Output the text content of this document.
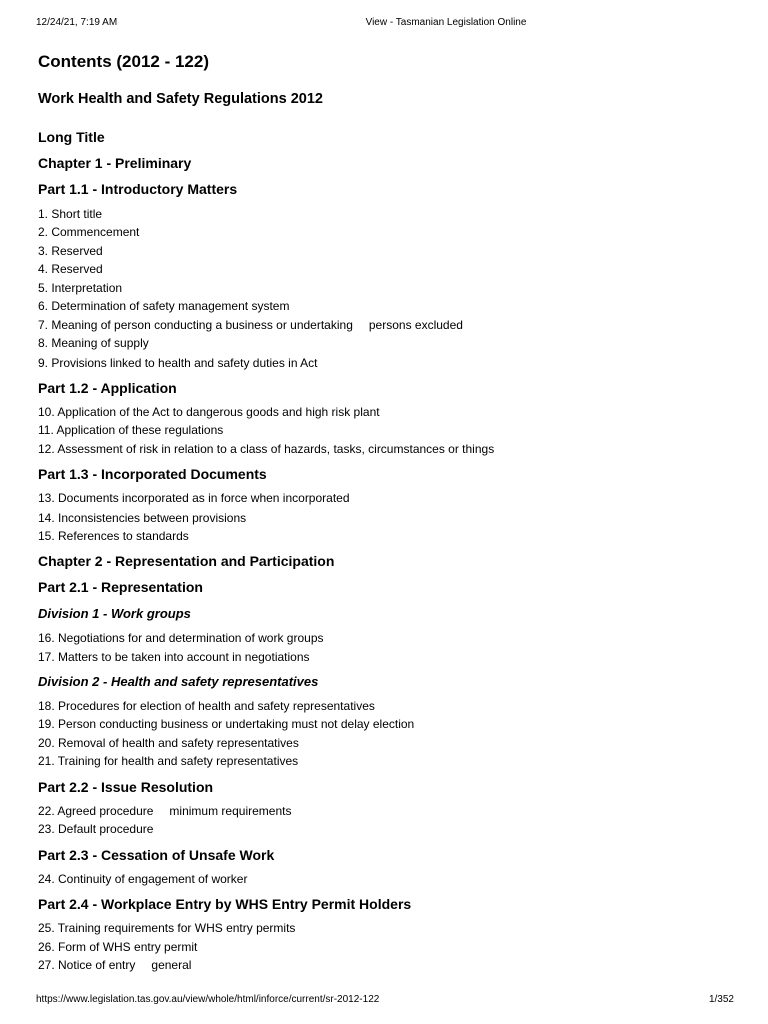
12/24/21, 7:19 AM	View - Tasmanian Legislation Online
Contents (2012 - 122)
Work Health and Safety Regulations 2012
Long Title
Chapter 1 - Preliminary
Part 1.1 - Introductory Matters
1. Short title
2. Commencement
3. Reserved
4. Reserved
5. Interpretation
6. Determination of safety management system
7. Meaning of person conducting a business or undertaking persons excluded
8. Meaning of supply
9. Provisions linked to health and safety duties in Act
Part 1.2 - Application
10. Application of the Act to dangerous goods and high risk plant
11. Application of these regulations
12. Assessment of risk in relation to a class of hazards, tasks, circumstances or things
Part 1.3 - Incorporated Documents
13. Documents incorporated as in force when incorporated
14. Inconsistencies between provisions
15. References to standards
Chapter 2 - Representation and Participation
Part 2.1 - Representation
Division 1 - Work groups
16. Negotiations for and determination of work groups
17. Matters to be taken into account in negotiations
Division 2 - Health and safety representatives
18. Procedures for election of health and safety representatives
19. Person conducting business or undertaking must not delay election
20. Removal of health and safety representatives
21. Training for health and safety representatives
Part 2.2 - Issue Resolution
22. Agreed procedure minimum requirements
23. Default procedure
Part 2.3 - Cessation of Unsafe Work
24. Continuity of engagement of worker
Part 2.4 - Workplace Entry by WHS Entry Permit Holders
25. Training requirements for WHS entry permits
26. Form of WHS entry permit
27. Notice of entry general
https://www.legislation.tas.gov.au/view/whole/html/inforce/current/sr-2012-122	1/352
